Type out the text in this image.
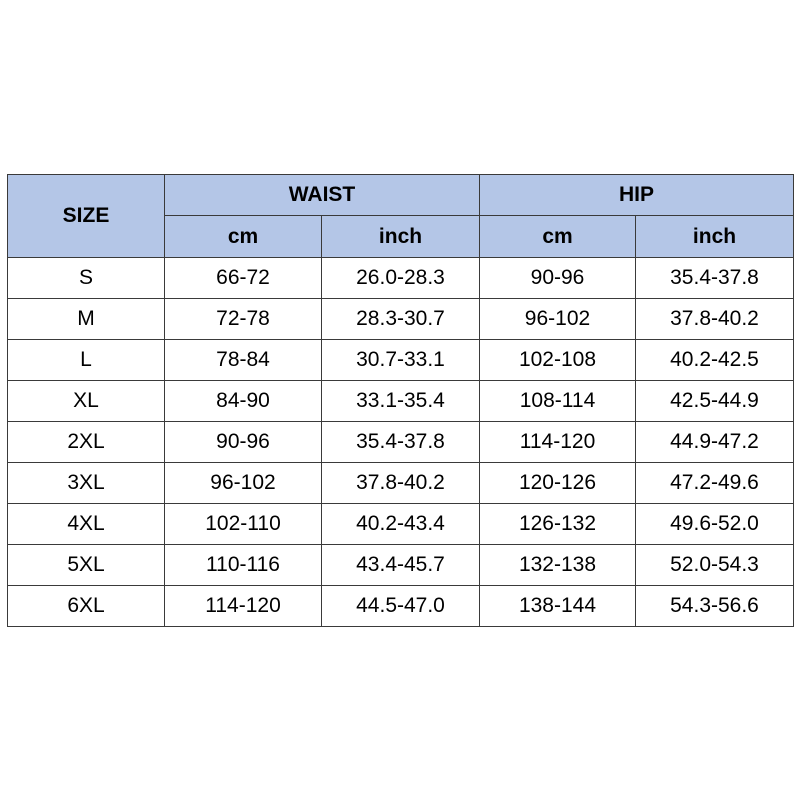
SIZE	WAIST		HIP	
	cm	inch	cm	inch
S	66-72	26.0-28.3	90-96	35.4-37.8
M	72-78	28.3-30.7	96-102	37.8-40.2
L	78-84	30.7-33.1	102-108	40.2-42.5
XL	84-90	33.1-35.4	108-114	42.5-44.9
2XL	90-96	35.4-37.8	114-120	44.9-47.2
3XL	96-102	37.8-40.2	120-126	47.2-49.6
4XL	102-110	40.2-43.4	126-132	49.6-52.0
5XL	110-116	43.4-45.7	132-138	52.0-54.3
6XL	114-120	44.5-47.0	138-144	54.3-56.6
